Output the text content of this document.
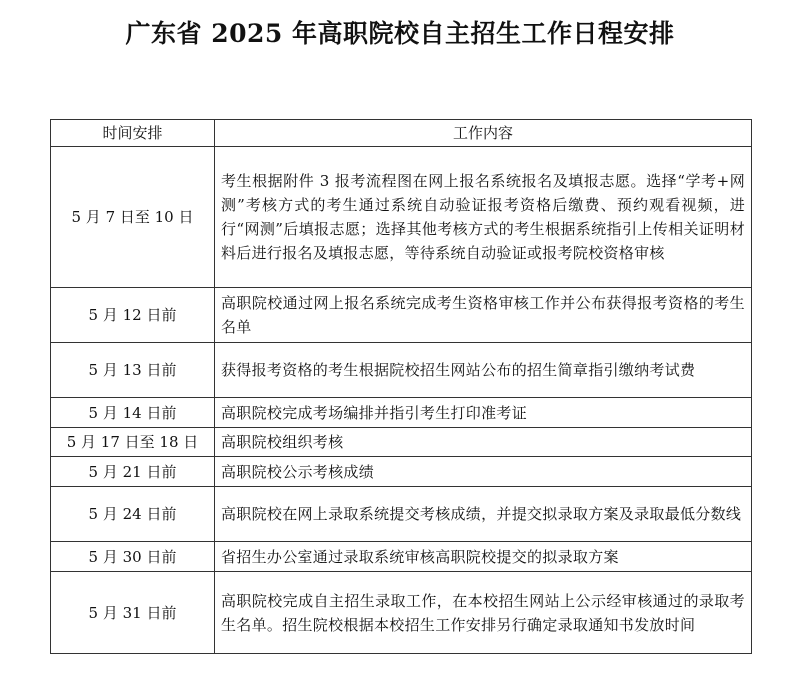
广东省 2025 年高职院校自主招生工作日程安排
时间安排	工作内容
5 月 7 日至 10 日	考生根据附件 3 报考流程图在网上报名系统报名及填报志愿。选择“学考+网测”考核方式的考生通过系统自动验证报考资格后缴费、预约观看视频，进行“网测”后填报志愿；选择其他考核方式的考生根据系统指引上传相关证明材料后进行报名及填报志愿，等待系统自动验证或报考院校资格审核
5 月 12 日前	高职院校通过网上报名系统完成考生资格审核工作并公布获得报考资格的考生名单
5 月 13 日前	获得报考资格的考生根据院校招生网站公布的招生简章指引缴纳考试费
5 月 14 日前	高职院校完成考场编排并指引考生打印准考证
5 月 17 日至 18 日	高职院校组织考核
5 月 21 日前	高职院校公示考核成绩
5 月 24 日前	高职院校在网上录取系统提交考核成绩，并提交拟录取方案及录取最低分数线
5 月 30 日前	省招生办公室通过录取系统审核高职院校提交的拟录取方案
5 月 31 日前	高职院校完成自主招生录取工作，在本校招生网站上公示经审核通过的录取考生名单。招生院校根据本校招生工作安排另行确定录取通知书发放时间
